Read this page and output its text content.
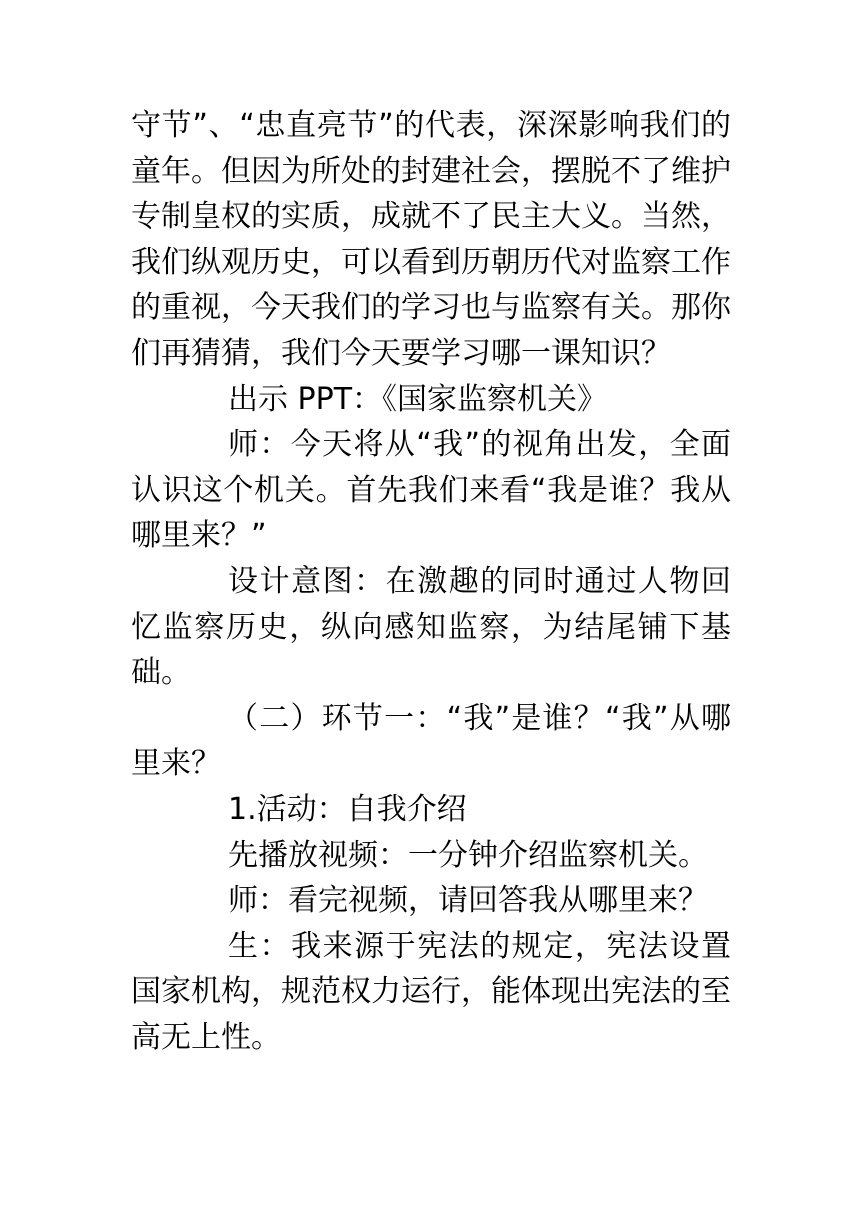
守节”、“忠直亮节”的代表，深深影响我们的童年。但因为所处的封建社会，摆脱不了维护专制皇权的实质，成就不了民主大义。当然，我们纵观历史，可以看到历朝历代对监察工作的重视，今天我们的学习也与监察有关。那你们再猜猜，我们今天要学习哪一课知识？

出示 PPT：《国家监察机关》

师：今天将从“我”的视角出发，全面认识这个机关。首先我们来看“我是谁？我从哪里来？”

设计意图：在激趣的同时通过人物回忆监察历史，纵向感知监察，为结尾铺下基础。

（二）环节一：“我”是谁？“我”从哪里来？

1.活动：自我介绍

先播放视频：一分钟介绍监察机关。

师：看完视频，请回答我从哪里来？

生：我来源于宪法的规定，宪法设置国家机构，规范权力运行，能体现出宪法的至高无上性。
